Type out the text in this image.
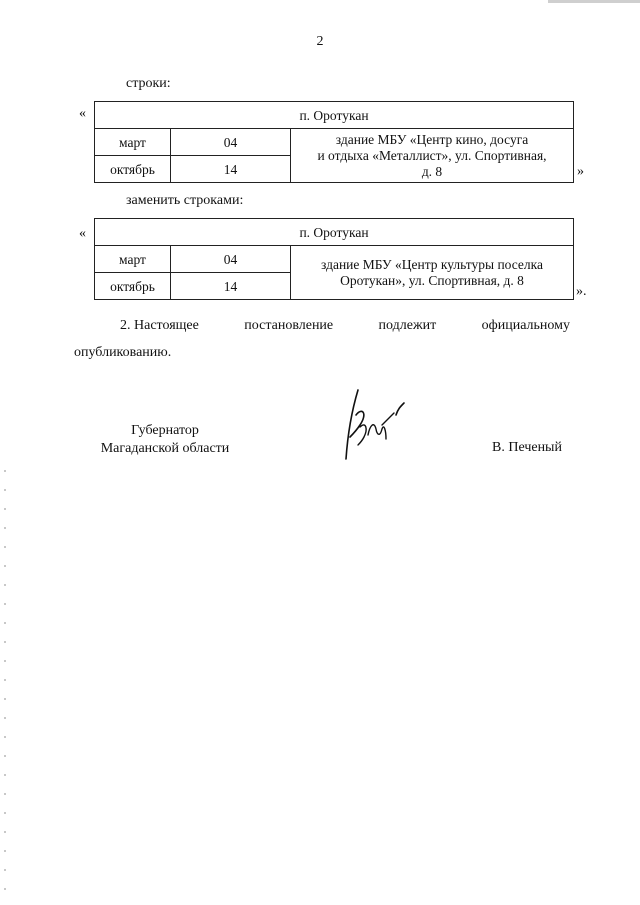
2
строки:
«	п. Оротукан		
март	04	здание МБУ «Центр кино, досуга
и отдыха «Металлист», ул. Спортивная,
д. 8

октябрь	14		»
заменить строками:
«	п. Оротукан		
март	04	здание МБУ «Центр культуры поселка
Оротукан», ул. Спортивная, д. 8

октябрь	14		».
2. Настоящее	постановление	подлежит	официальному
опубликованию.
Губернатор
Магаданской области	В. Печеный
